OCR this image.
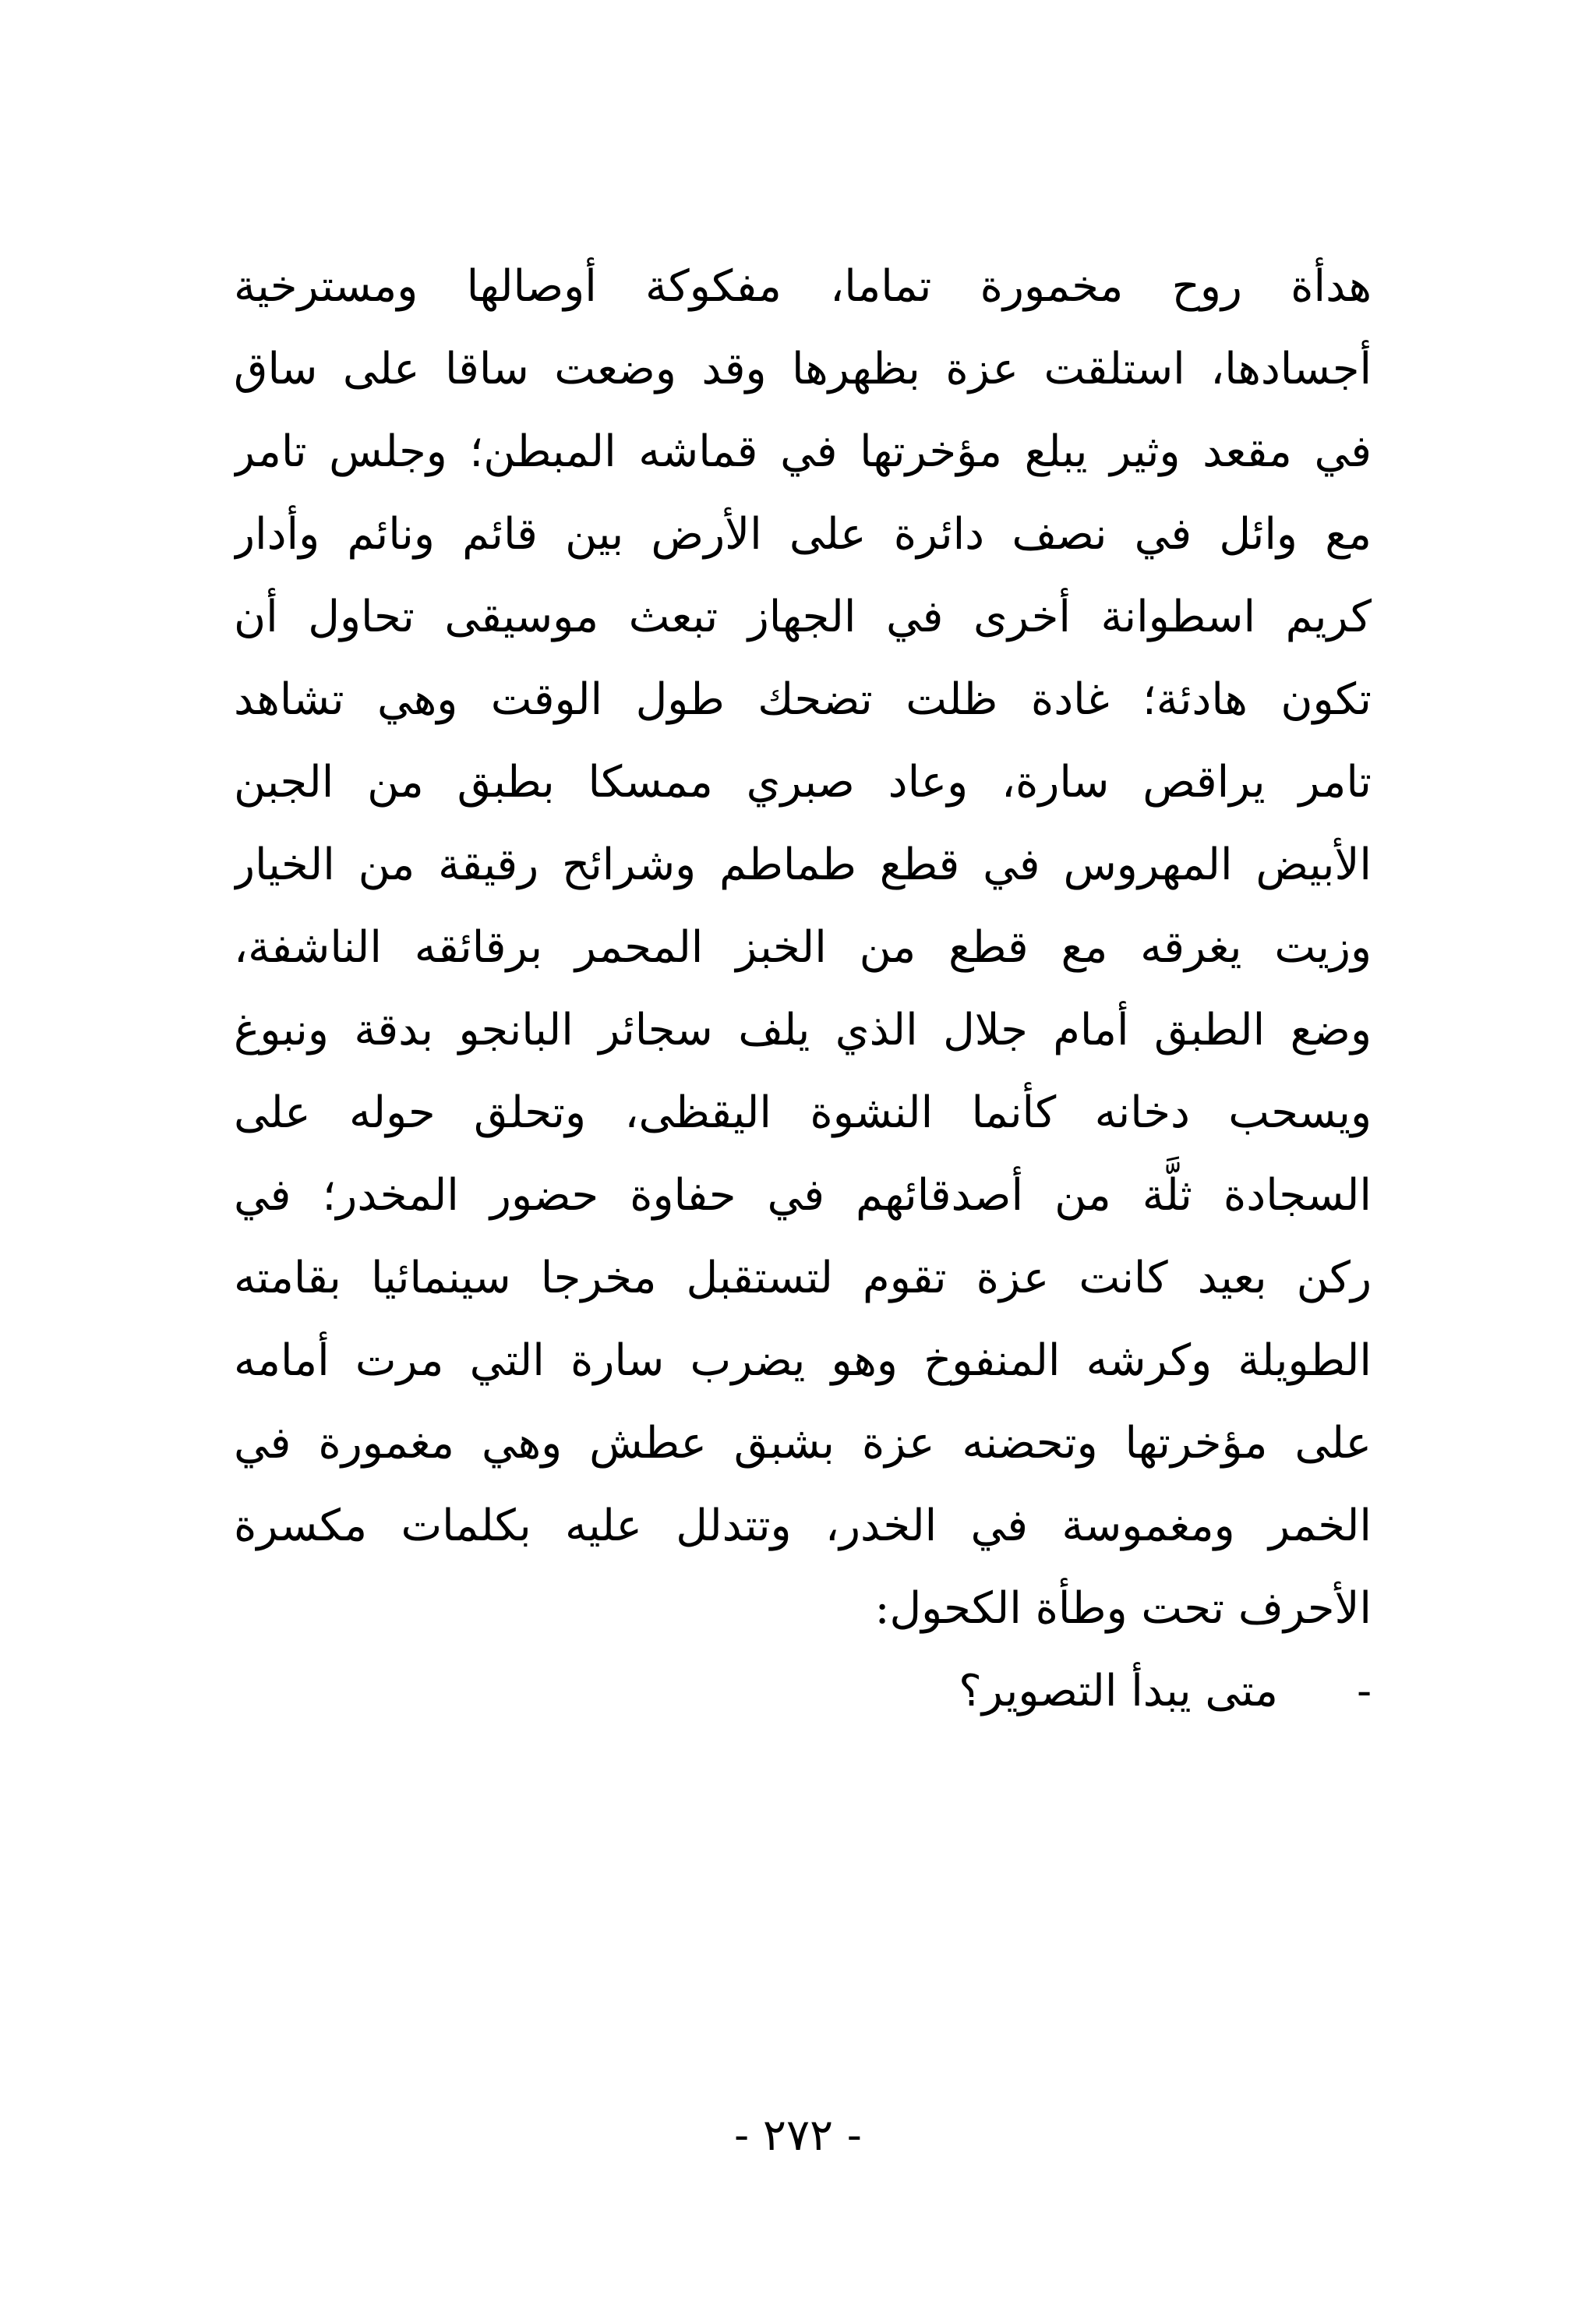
هدأة روح مخمورة تماما، مفكوكة أوصالها ومسترخية
أجسادها، استلقت عزة بظهرها وقد وضعت ساقا على ساق
في مقعد وثير يبلع مؤخرتها في قماشه المبطن؛ وجلس تامر
مع وائل في نصف دائرة على الأرض بين قائم ونائم وأدار
كريم اسطوانة أخرى في الجهاز تبعث موسيقى تحاول أن
تكون هادئة؛ غادة ظلت تضحك طول الوقت وهي تشاهد
تامر يراقص سارة، وعاد صبري ممسكا بطبق من الجبن
الأبيض المهروس في قطع طماطم وشرائح رقيقة من الخيار
وزيت يغرقه مع قطع من الخبز المحمر برقائقه الناشفة،
وضع الطبق أمام جلال الذي يلف سجائر البانجو بدقة ونبوغ
ويسحب دخانه كأنما النشوة اليقظى، وتحلق حوله على
السجادة ثلَّة من أصدقائهم في حفاوة حضور المخدر؛ في
ركن بعيد كانت عزة تقوم لتستقبل مخرجا سينمائيا بقامته
الطويلة وكرشه المنفوخ وهو يضرب سارة التي مرت أمامه
على مؤخرتها وتحضنه عزة بشبق عطش وهي مغمورة في
الخمر ومغموسة في الخدر، وتتدلل عليه بكلمات مكسرة
الأحرف تحت وطأة الكحول:
-
متى يبدأ التصوير؟
- ٢٧٢ -
